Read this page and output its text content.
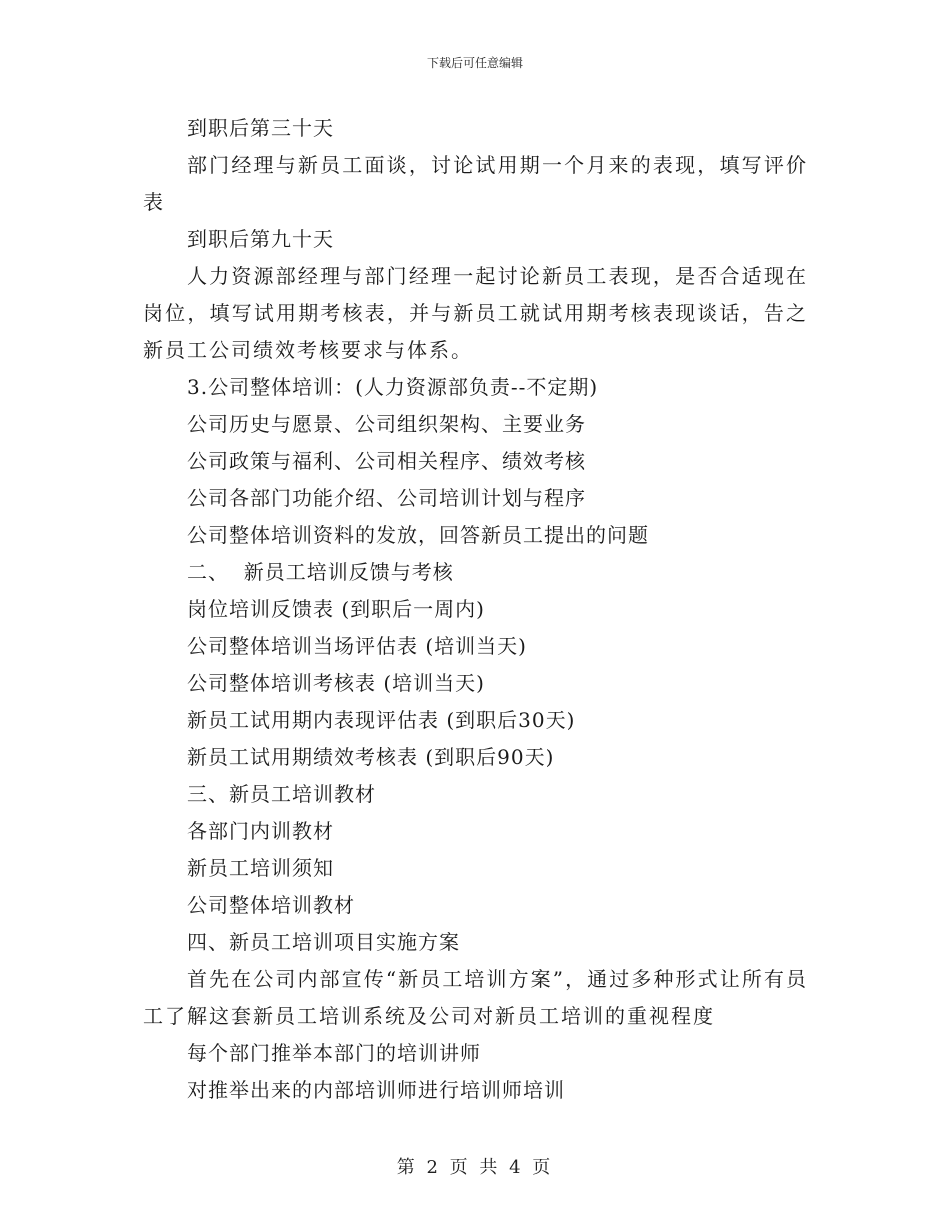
下载后可任意编辑

到职后第三十天

部门经理与新员工面谈，讨论试用期一个月来的表现，填写评价表

到职后第九十天

人力资源部经理与部门经理一起讨论新员工表现，是否合适现在岗位，填写试用期考核表，并与新员工就试用期考核表现谈话，告之新员工公司绩效考核要求与体系。

3.公司整体培训：(人力资源部负责--不定期)

公司历史与愿景、公司组织架构、主要业务

公司政策与福利、公司相关程序、绩效考核

公司各部门功能介绍、公司培训计划与程序

公司整体培训资料的发放，回答新员工提出的问题

二、  新员工培训反馈与考核

岗位培训反馈表 (到职后一周内)

公司整体培训当场评估表 (培训当天)

公司整体培训考核表 (培训当天)

新员工试用期内表现评估表 (到职后30天)

新员工试用期绩效考核表 (到职后90天)

三、新员工培训教材

各部门内训教材

新员工培训须知

公司整体培训教材

四、新员工培训项目实施方案

首先在公司内部宣传“新员工培训方案”，通过多种形式让所有员工了解这套新员工培训系统及公司对新员工培训的重视程度

每个部门推举本部门的培训讲师

对推举出来的内部培训师进行培训师培训

第 2 页 共 4 页
